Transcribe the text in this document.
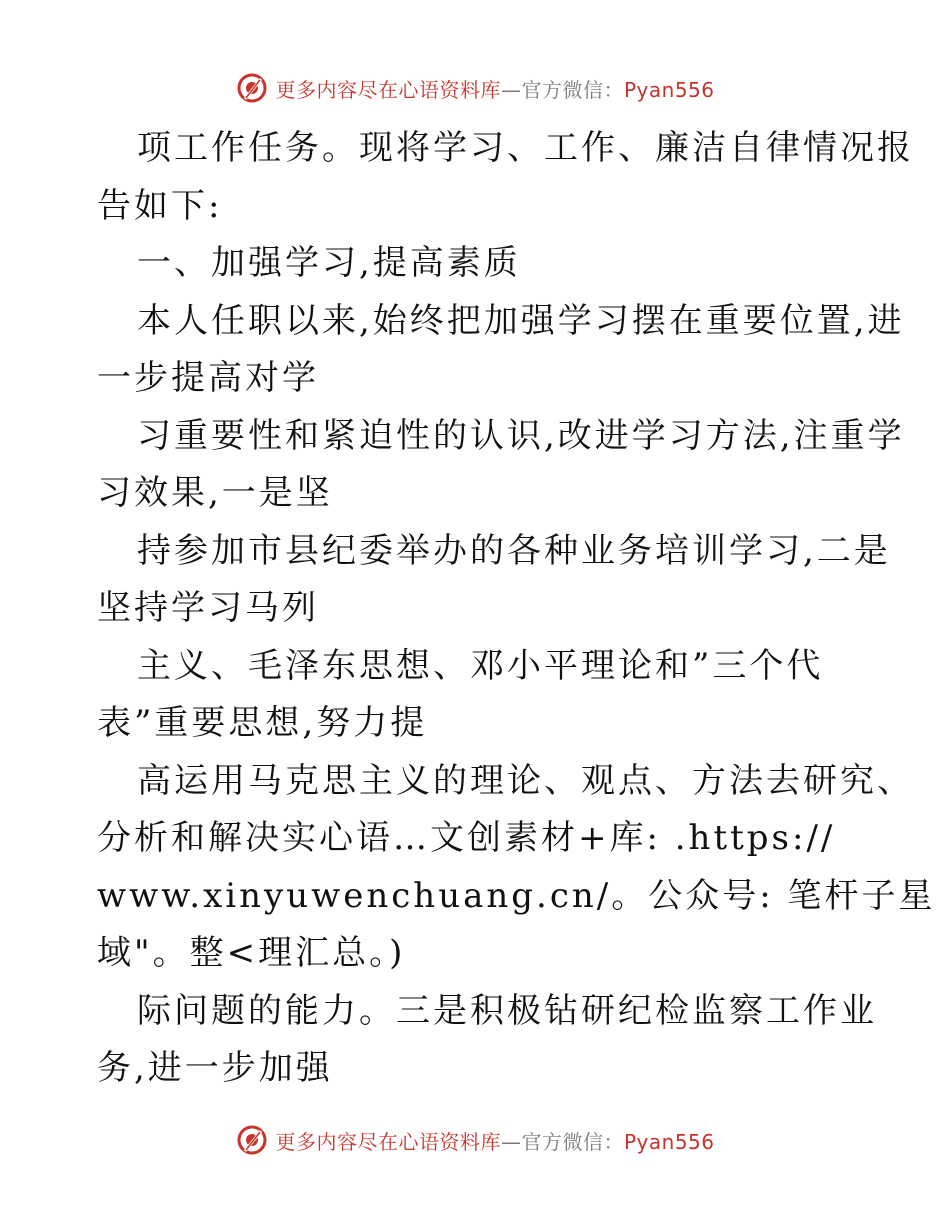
更多内容尽在心语资料库—官方微信：Pyan556
项工作任务。现将学习、工作、廉洁自律情况报
告如下:
一、加强学习,提高素质
本人任职以来,始终把加强学习摆在重要位置,进
一步提高对学
习重要性和紧迫性的认识,改进学习方法,注重学
习效果,一是坚
持参加市县纪委举办的各种业务培训学习,二是
坚持学习马列
主义、毛泽东思想、邓小平理论和”三个代
表”重要思想,努力提
高运用马克思主义的理论、观点、方法去研究、
分析和解决实心语…文创素材+库: .https://
www.xinyuwenchuang.cn/。公众号: 笔杆子星
域"。整<理汇总。)
际问题的能力。三是积极钻研纪检监察工作业
务,进一步加强
更多内容尽在心语资料库—官方微信：Pyan556
